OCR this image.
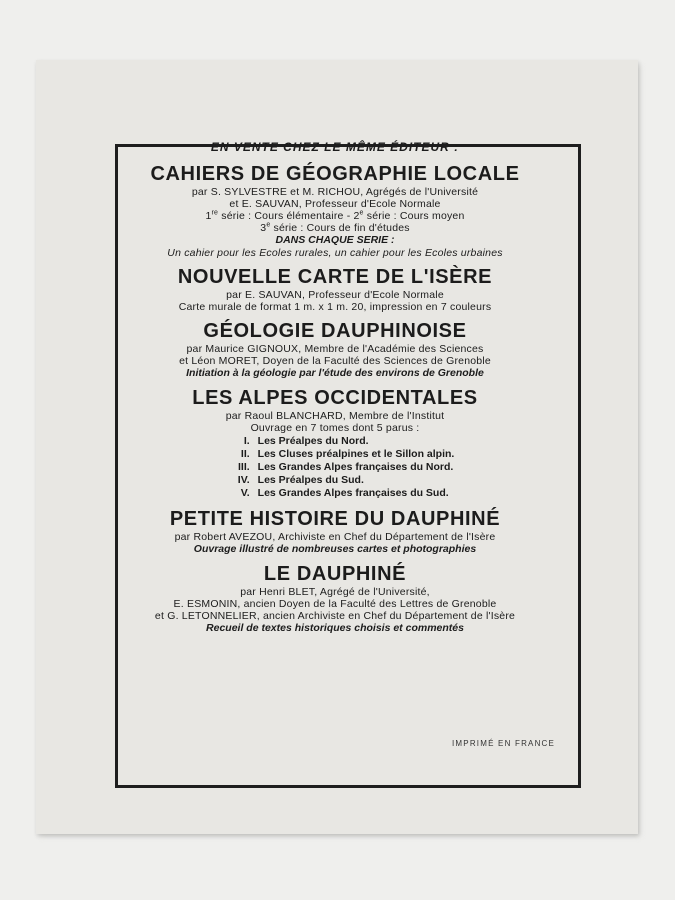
EN VENTE CHEZ LE MÊME ÉDITEUR :
CAHIERS DE GÉOGRAPHIE LOCALE
par S. SYLVESTRE et M. RICHOU, Agrégés de l'Université
et E. SAUVAN, Professeur d'Ecole Normale
1re série : Cours élémentaire - 2e série : Cours moyen
3e série : Cours de fin d'études
DANS CHAQUE SERIE :
Un cahier pour les Ecoles rurales, un cahier pour les Ecoles urbaines
NOUVELLE CARTE DE L'ISÈRE
par E. SAUVAN, Professeur d'Ecole Normale
Carte murale de format 1 m. x 1 m. 20, impression en 7 couleurs
GÉOLOGIE DAUPHINOISE
par Maurice GIGNOUX, Membre de l'Académie des Sciences
et Léon MORET, Doyen de la Faculté des Sciences de Grenoble
Initiation à la géologie par l'étude des environs de Grenoble
LES ALPES OCCIDENTALES
par Raoul BLANCHARD, Membre de l'Institut
Ouvrage en 7 tomes dont 5 parus :
I. Les Préalpes du Nord.
II. Les Cluses préalpines et le Sillon alpin.
III. Les Grandes Alpes françaises du Nord.
IV. Les Préalpes du Sud.
V. Les Grandes Alpes françaises du Sud.
PETITE HISTOIRE DU DAUPHINÉ
par Robert AVEZOU, Archiviste en Chef du Département de l'Isère
Ouvrage illustré de nombreuses cartes et photographies
LE DAUPHINÉ
par Henri BLET, Agrégé de l'Université,
E. ESMONIN, ancien Doyen de la Faculté des Lettres de Grenoble
et G. LETONNELIER, ancien Archiviste en Chef du Département de l'Isère
Recueil de textes historiques choisis et commentés
IMPRIMÉ EN FRANCE
